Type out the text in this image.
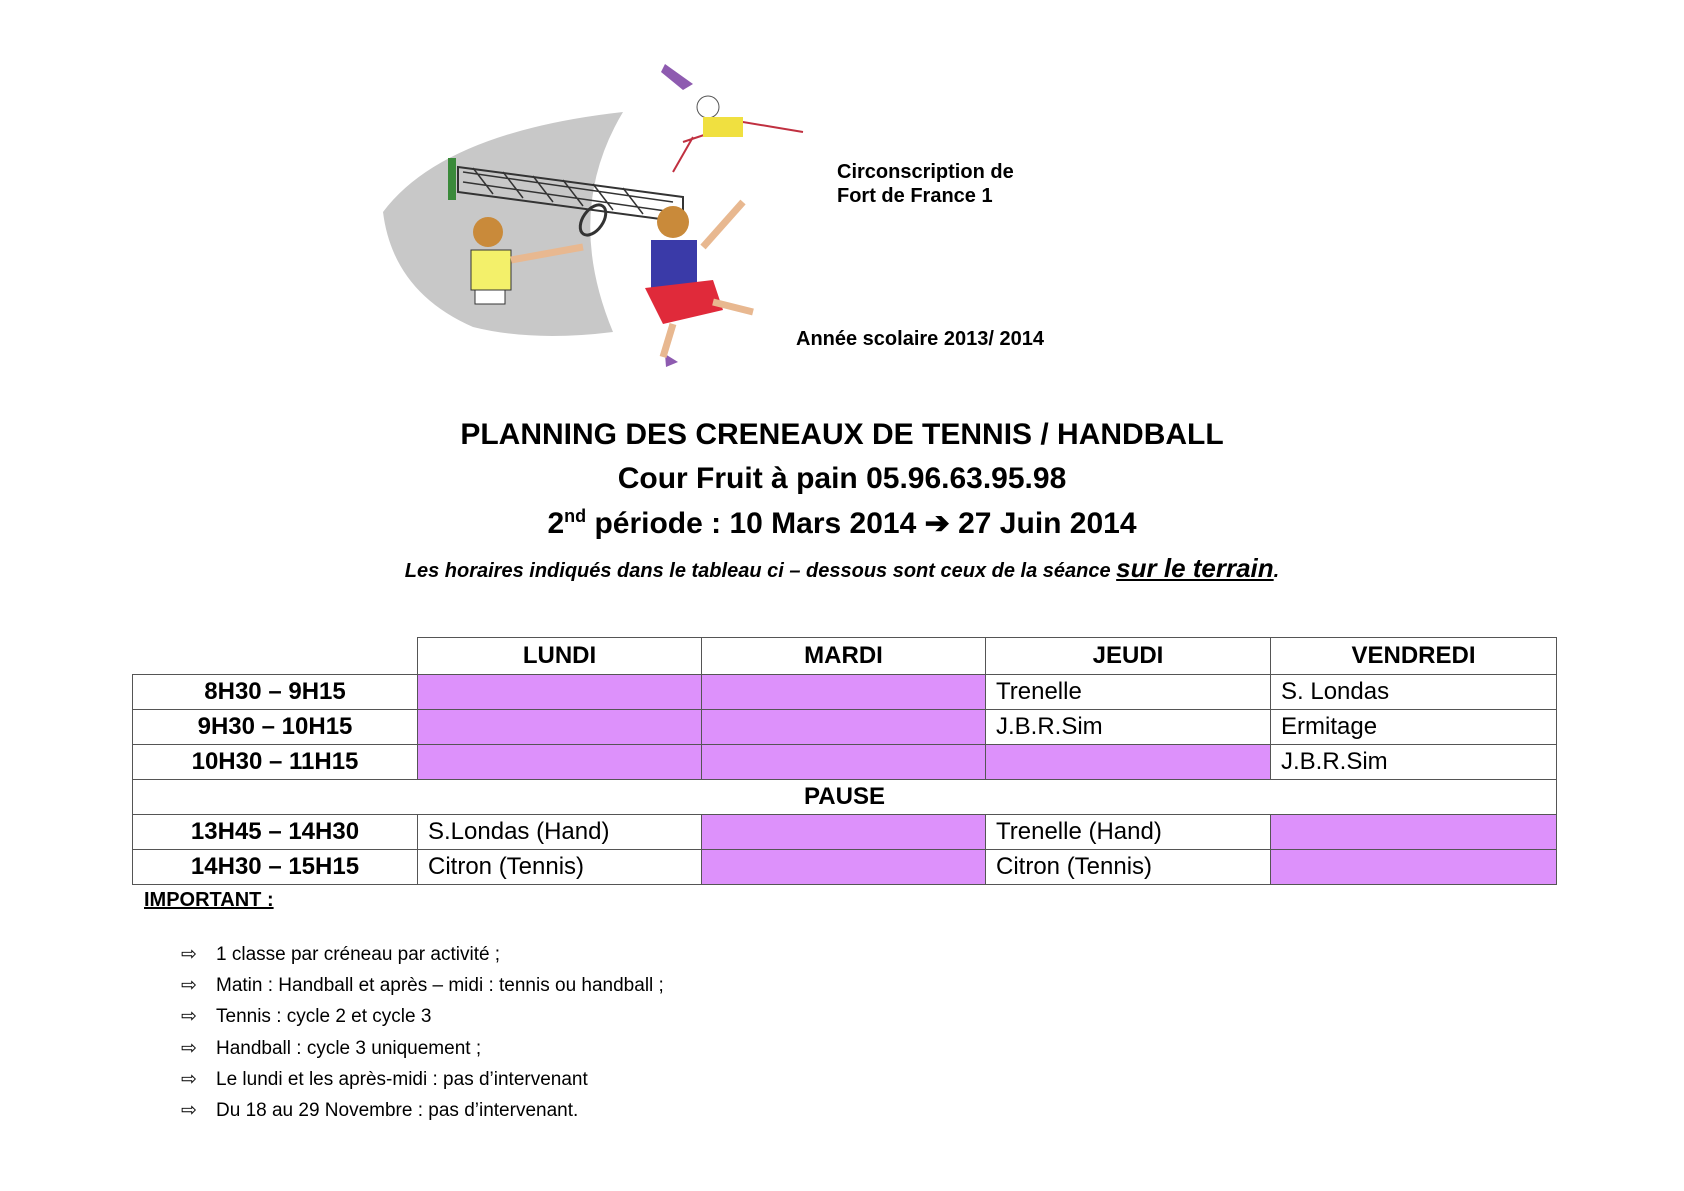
Circonscription de
Fort de France 1
Année scolaire 2013/ 2014
PLANNING DES CRENEAUX DE TENNIS / HANDBALL
Cour Fruit à pain 05.96.63.95.98
2nd période : 10 Mars 2014 ➔ 27 Juin 2014
Les horaires indiqués dans le tableau ci – dessous sont ceux de la séance sur le terrain.
	LUNDI	MARDI	JEUDI	VENDREDI
8H30 – 9H15			Trenelle	S. Londas
9H30 – 10H15			J.B.R.Sim	Ermitage
10H30 – 11H15				J.B.R.Sim
PAUSE				
13H45 – 14H30	S.Londas (Hand)		Trenelle (Hand)	
14H30 – 15H15	Citron (Tennis)		Citron (Tennis)	
IMPORTANT :
⇨ 1 classe par créneau par activité ;
⇨ Matin : Handball et après – midi : tennis ou handball ;
⇨ Tennis : cycle 2 et cycle 3
⇨ Handball : cycle 3 uniquement ;
⇨ Le lundi et les après-midi : pas d’intervenant
⇨ Du 18 au 29 Novembre : pas d’intervenant.
